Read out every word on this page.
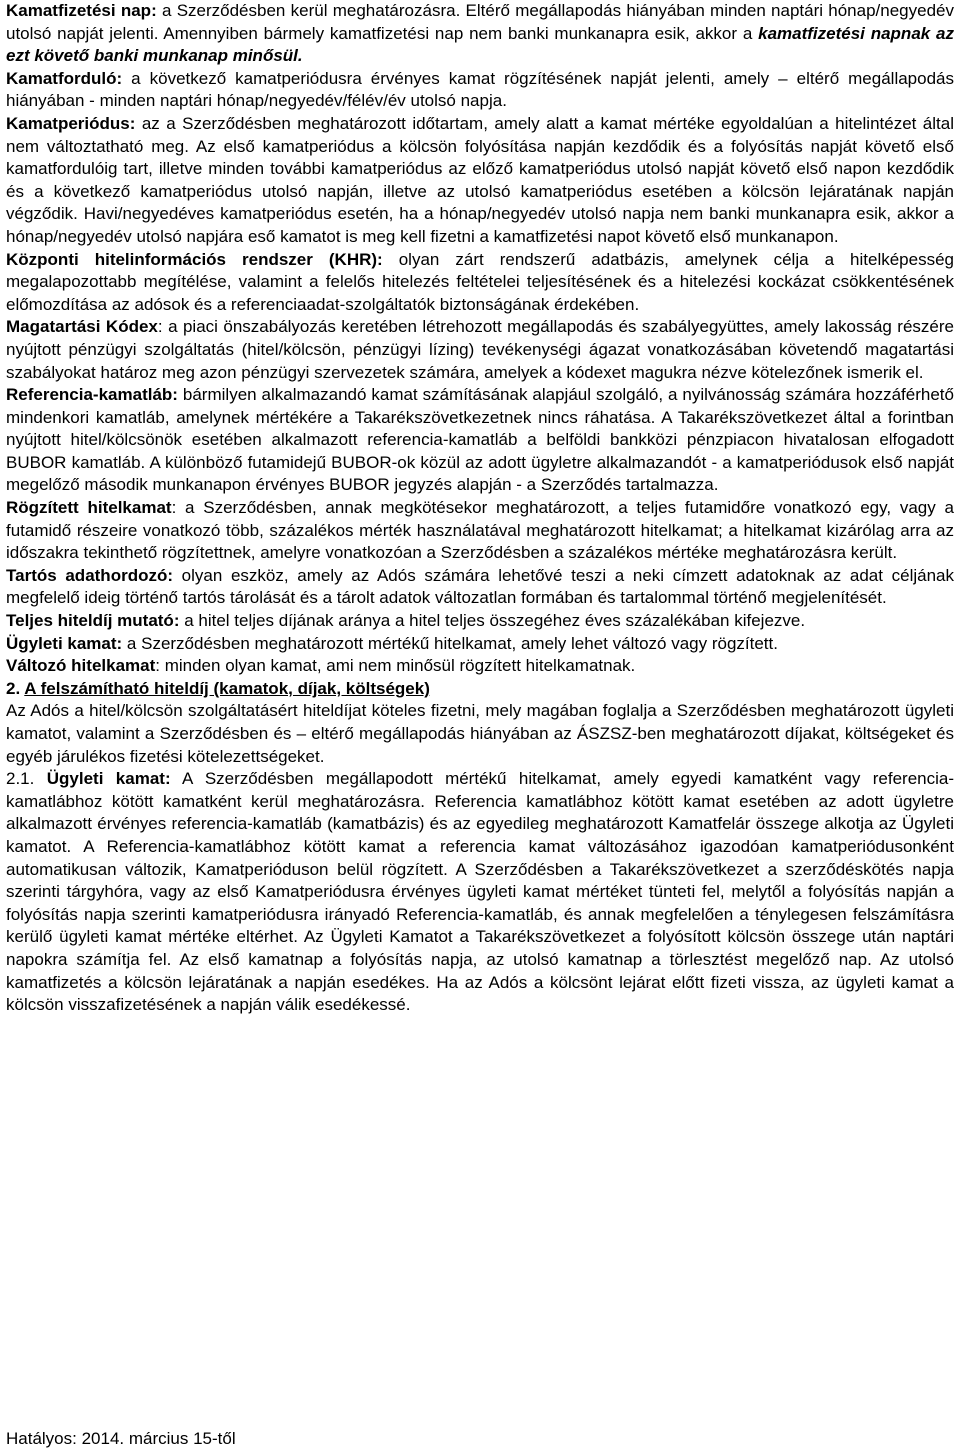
Kamatfizetési nap: a Szerződésben kerül meghatározásra. Eltérő megállapodás hiányában minden naptári hónap/negyedév utolsó napját jelenti. Amennyiben bármely kamatfizetési nap nem banki munkanapra esik, akkor a kamatfizetési napnak az ezt követő banki munkanap minősül.

Kamatforduló: a következő kamatperiódusra érvényes kamat rögzítésének napját jelenti, amely – eltérő megállapodás hiányában - minden naptári hónap/negyedév/félév/év utolsó napja.

Kamatperiódus: az a Szerződésben meghatározott időtartam, amely alatt a kamat mértéke egyoldalúan a hitelintézet által nem változtatható meg. Az első kamatperiódus a kölcsön folyósítása napján kezdődik és a folyósítás napját követő első kamatfordulóig tart, illetve minden további kamatperiódus az előző kamatperiódus utolsó napját követő első napon kezdődik és a következő kamatperiódus utolsó napján, illetve az utolsó kamatperiódus esetében a kölcsön lejáratának napján végződik. Havi/negyedéves kamatperiódus esetén, ha a hónap/negyedév utolsó napja nem banki munkanapra esik, akkor a hónap/negyedév utolsó napjára eső kamatot is meg kell fizetni a kamatfizetési napot követő első munkanapon.

Központi hitelinformációs rendszer (KHR): olyan zárt rendszerű adatbázis, amelynek célja a hitelképesség megalapozottabb megítélése, valamint a felelős hitelezés feltételei teljesítésének és a hitelezési kockázat csökkentésének előmozdítása az adósok és a referenciaadat-szolgáltatók biztonságának érdekében.

Magatartási Kódex: a piaci önszabályozás keretében létrehozott megállapodás és szabályegyüttes, amely lakosság részére nyújtott pénzügyi szolgáltatás (hitel/kölcsön, pénzügyi lízing) tevékenységi ágazat vonatkozásában követendő magatartási szabályokat határoz meg azon pénzügyi szervezetek számára, amelyek a kódexet magukra nézve kötelezőnek ismerik el.

Referencia-kamatláb: bármilyen alkalmazandó kamat számításának alapjául szolgáló, a nyilvánosság számára hozzáférhető mindenkori kamatláb, amelynek mértékére a Takarékszövetkezetnek nincs ráhatása. A Takarékszövetkezet által a forintban nyújtott hitel/kölcsönök esetében alkalmazott referencia-kamatláb a belföldi bankközi pénzpiacon hivatalosan elfogadott BUBOR kamatláb. A különböző futamidejű BUBOR-ok közül az adott ügyletre alkalmazandót - a kamatperiódusok első napját megelőző második munkanapon érvényes BUBOR jegyzés alapján - a Szerződés tartalmazza.

Rögzített hitelkamat: a Szerződésben, annak megkötésekor meghatározott, a teljes futamidőre vonatkozó egy, vagy a futamidő részeire vonatkozó több, százalékos mérték használatával meghatározott hitelkamat; a hitelkamat kizárólag arra az időszakra tekinthető rögzítettnek, amelyre vonatkozóan a Szerződésben a százalékos mértéke meghatározásra került.

Tartós adathordozó: olyan eszköz, amely az Adós számára lehetővé teszi a neki címzett adatoknak az adat céljának megfelelő ideig történő tartós tárolását és a tárolt adatok változatlan formában és tartalommal történő megjelenítését.

Teljes hiteldíj mutató: a hitel teljes díjának aránya a hitel teljes összegéhez éves százalékában kifejezve.

Ügyleti kamat: a Szerződésben meghatározott mértékű hitelkamat, amely lehet változó vagy rögzített.

Változó hitelkamat: minden olyan kamat, ami nem minősül rögzített hitelkamatnak.

2. A felszámítható hiteldíj (kamatok, díjak, költségek)

Az Adós a hitel/kölcsön szolgáltatásért hiteldíjat köteles fizetni, mely magában foglalja a Szerződésben meghatározott ügyleti kamatot, valamint a Szerződésben és – eltérő megállapodás hiányában az ÁSZSZ-ben meghatározott díjakat, költségeket és egyéb járulékos fizetési kötelezettségeket.

2.1. Ügyleti kamat: A Szerződésben megállapodott mértékű hitelkamat, amely egyedi kamatként vagy referencia-kamatlábhoz kötött kamatként kerül meghatározásra. Referencia kamatlábhoz kötött kamat esetében az adott ügyletre alkalmazott érvényes referencia-kamatláb (kamatbázis) és az egyedileg meghatározott Kamatfelár összege alkotja az Ügyleti kamatot. A Referencia-kamatlábhoz kötött kamat a referencia kamat változásához igazodóan kamatperiódusonként automatikusan változik, Kamatperióduson belül rögzített. A Szerződésben a Takarékszövetkezet a szerződéskötés napja szerinti tárgyhóra, vagy az első Kamatperiódusra érvényes ügyleti kamat mértéket tünteti fel, melytől a folyósítás napján a folyósítás napja szerinti kamatperiódusra irányadó Referencia-kamatláb, és annak megfelelően a ténylegesen felszámításra kerülő ügyleti kamat mértéke eltérhet. Az Ügyleti Kamatot a Takarékszövetkezet a folyósított kölcsön összege után naptári napokra számítja fel. Az első kamatnap a folyósítás napja, az utolsó kamatnap a törlesztést megelőző nap. Az utolsó kamatfizetés a kölcsön lejáratának a napján esedékes. Ha az Adós a kölcsönt lejárat előtt fizeti vissza, az ügyleti kamat a kölcsön visszafizetésének a napján válik esedékessé.

Hatályos: 2014. március 15-től
